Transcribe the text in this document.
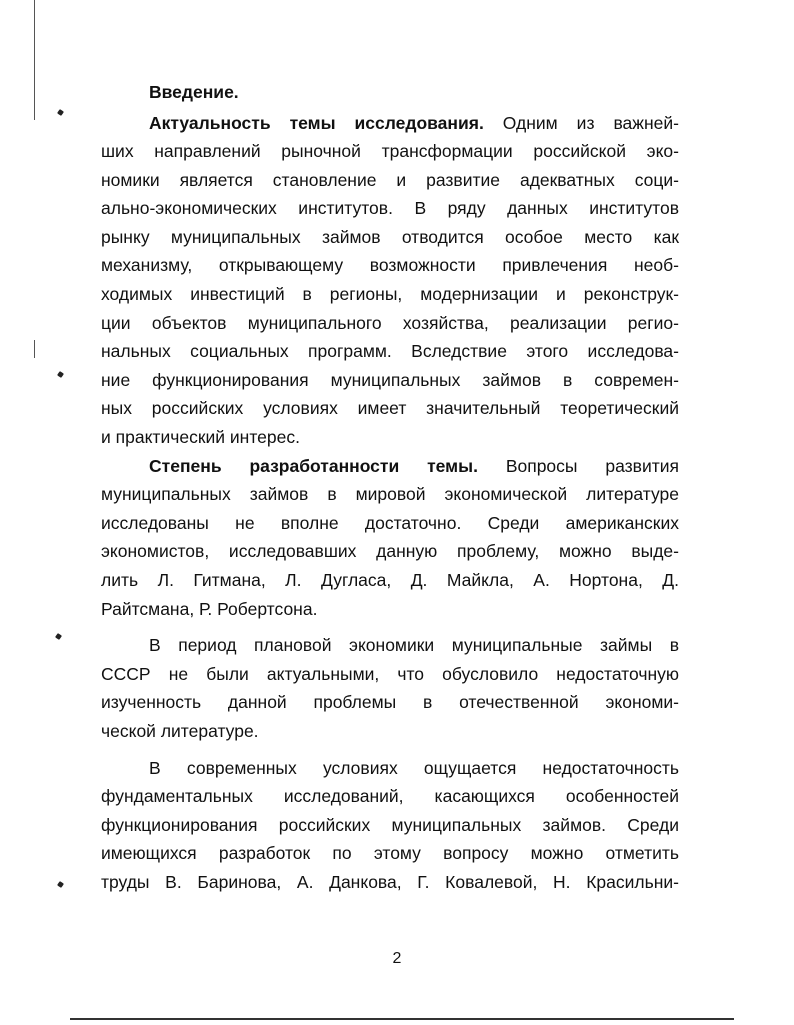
Введение.
Актуальность темы исследования. Одним из важней-
ших направлений рыночной трансформации российской эко-
номики является становление и развитие адекватных соци-
ально-экономических институтов. В ряду данных институтов
рынку муниципальных займов отводится особое место как
механизму, открывающему возможности привлечения необ-
ходимых инвестиций в регионы, модернизации и реконструк-
ции объектов муниципального хозяйства, реализации регио-
нальных социальных программ. Вследствие этого исследова-
ние функционирования муниципальных займов в современ-
ных российских условиях имеет значительный теоретический
и практический интерес.
Степень разработанности темы. Вопросы развития
муниципальных займов в мировой экономической литературе
исследованы не вполне достаточно. Среди американских
экономистов, исследовавших данную проблему, можно выде-
лить Л. Гитмана, Л. Дугласа, Д. Майкла, А. Нортона, Д.
Райтсмана, Р. Робертсона.
В период плановой экономики муниципальные займы в
СССР не были актуальными, что обусловило недостаточную
изученность данной проблемы в отечественной экономи-
ческой литературе.
В современных условиях ощущается недостаточность
фундаментальных исследований, касающихся особенностей
функционирования российских муниципальных займов. Среди
имеющихся разработок по этому вопросу можно отметить
труды В. Баринова, А. Данкова, Г. Ковалевой, Н. Красильни-
2
